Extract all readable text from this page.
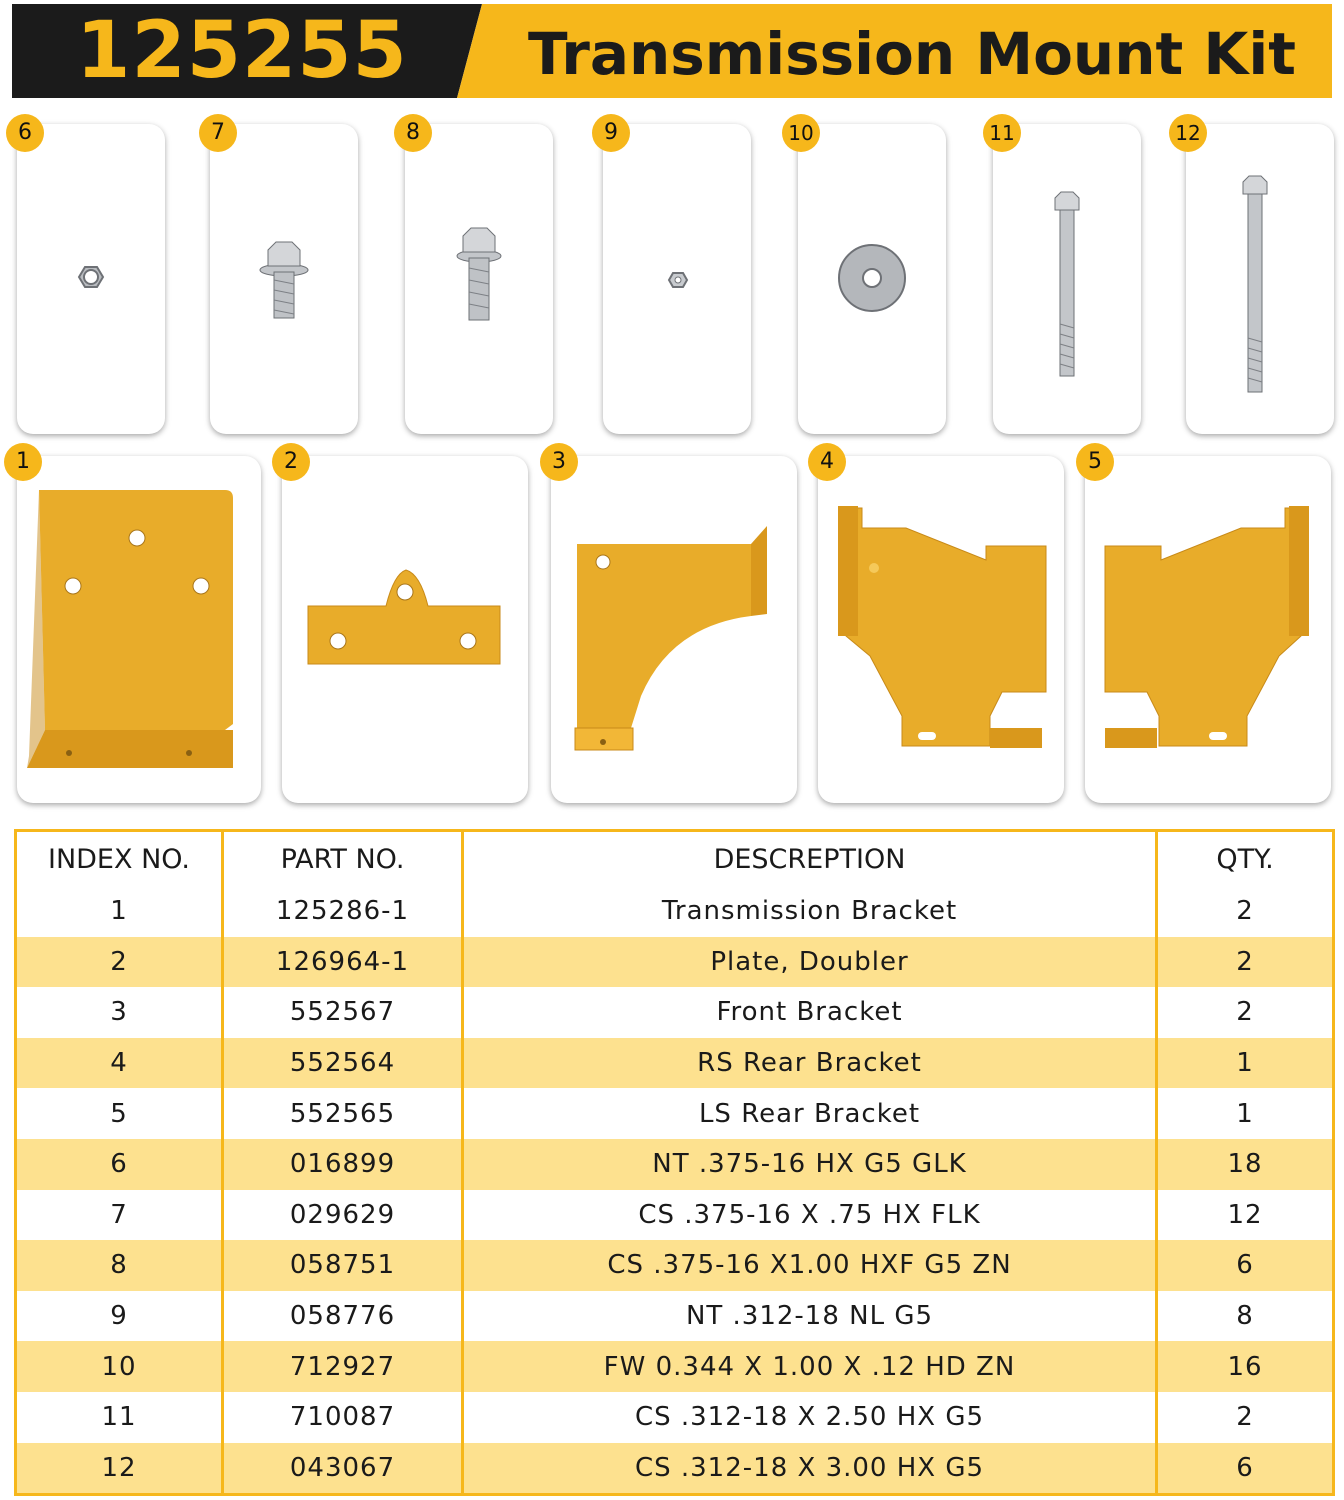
125255	Transmission Mount Kit
6	7	8	9	10	11	12
1	2	3	4	5
INDEX NO.	PART NO.	DESCREPTION	QTY.
1	125286-1	Transmission Bracket	2
2	126964-1	Plate, Doubler	2
3	552567	Front Bracket	2
4	552564	RS Rear Bracket	1
5	552565	LS Rear Bracket	1
6	016899	NT .375-16 HX G5 GLK	18
7	029629	CS .375-16 X .75 HX FLK	12
8	058751	CS .375-16 X1.00 HXF G5 ZN	6
9	058776	NT .312-18 NL G5	8
10	712927	FW 0.344 X 1.00 X .12 HD ZN	16
11	710087	CS .312-18 X 2.50 HX G5	2
12	043067	CS .312-18 X 3.00 HX G5	6
